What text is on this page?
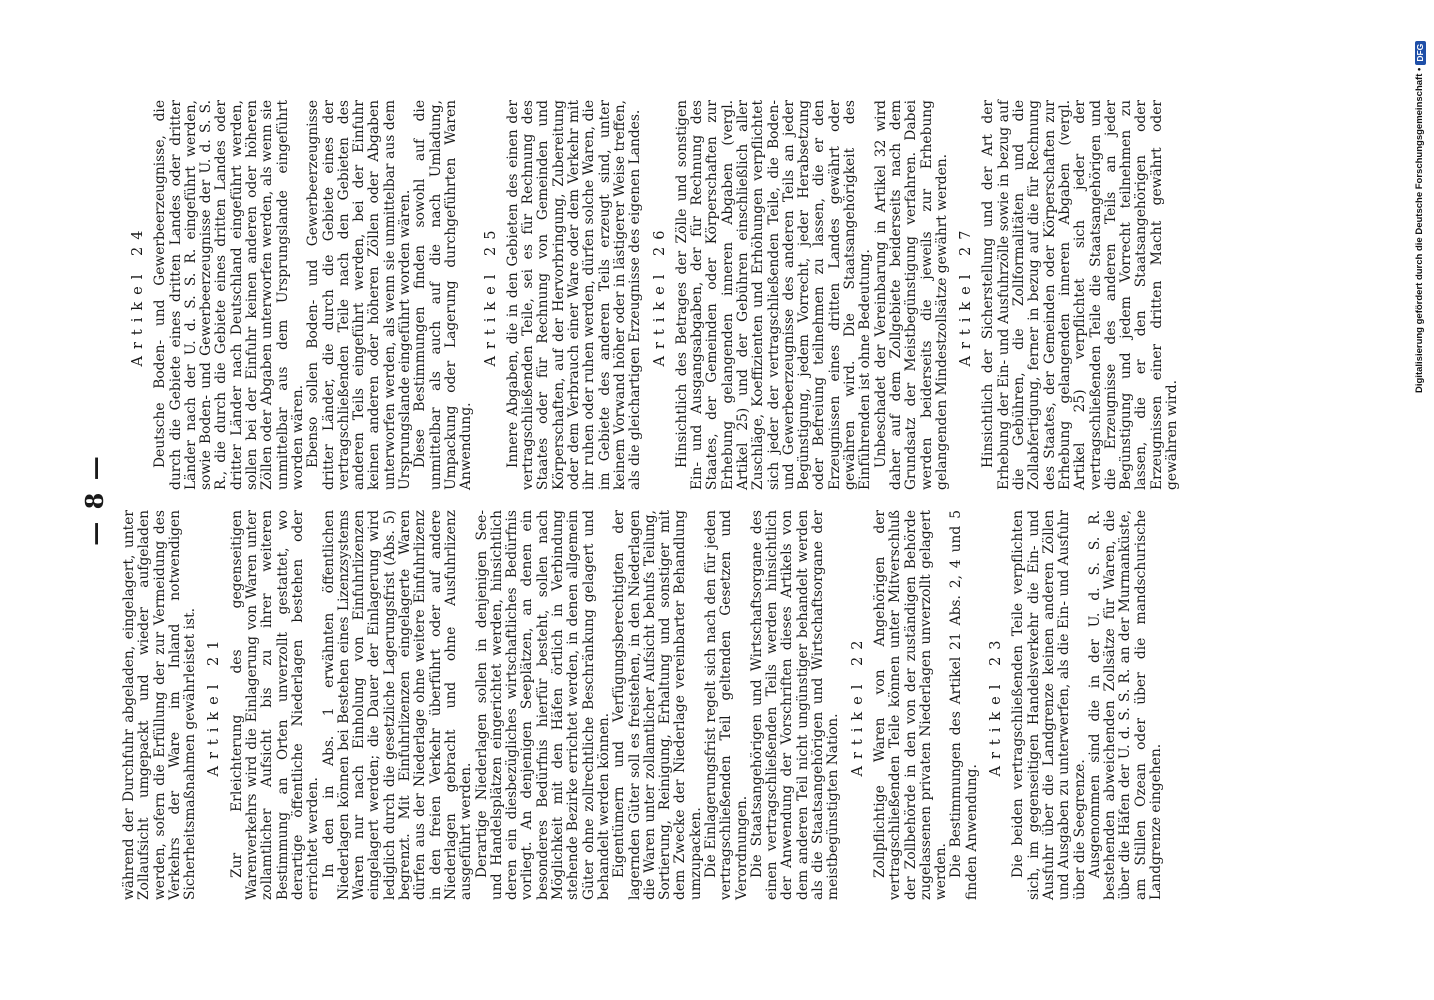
— 8 —

während der Durchfuhr abgeladen, eingelagert, unter Zollaufsicht umgepackt und wieder aufgeladen werden, sofern die Erfüllung der zur Vermeidung des Verkehrs der Ware im Inland notwendigen Sicherheitsmaßnahmen gewährleistet ist. Artikel 21 Zur Erleichterung des gegenseitigen Warenverkehrs wird die Einlagerung von Waren unter zollamtlicher Aufsicht bis zu ihrer weiteren Bestimmung an Orten unverzollt gestattet, wo derartige öffentliche Niederlagen bestehen oder errichtet werden. In den in Abs. 1 erwähnten öffentlichen Niederlagen können bei Bestehen eines Lizenzsystems Waren nur nach Einholung von Einfuhrlizenzen eingelagert werden; die Dauer der Einlagerung wird lediglich durch die gesetzliche Lagerungsfrist (Abs. 5) begrenzt. Mit Einfuhrlizenzen eingelagerte Waren dürfen aus der Niederlage ohne weitere Einfuhrlizenz in den freien Verkehr überführt oder auf andere Niederlagen gebracht und ohne Ausfuhrlizenz ausgeführt werden. Derartige Niederlagen sollen in denjenigen See- und Handelsplätzen eingerichtet werden, hinsichtlich deren ein diesbezügliches wirtschaftliches Bedürfnis vorliegt. An denjenigen Seeplätzen, an denen ein besonderes Bedürfnis hierfür besteht, sollen nach Möglichkeit mit den Häfen örtlich in Verbindung stehende Bezirke errichtet werden, in denen allgemein Güter ohne zollrechtliche Beschränkung gelagert und behandelt werden können. Eigentümern und Verfügungsberechtigten der lagernden Güter soll es freistehen, in den Niederlagen die Waren unter zollamtlicher Aufsicht behufs Teilung, Sortierung, Reinigung, Erhaltung und sonstiger mit dem Zwecke der Niederlage vereinbarter Behandlung umzupacken. Die Einlagerungsfrist regelt sich nach den für jeden vertragschließenden Teil geltenden Gesetzen und Verordnungen. Die Staatsangehörigen und Wirtschaftsorgane des einen vertragschließenden Teils werden hinsichtlich der Anwendung der Vorschriften dieses Artikels von dem anderen Teil nicht ungünstiger behandelt werden als die Staatsangehörigen und Wirtschaftsorgane der meistbegünstigten Nation.

Artikel 22 Zollpflichtige Waren von Angehörigen der vertragschließenden Teile können unter Mitverschluß der Zollbehörde in den von der zuständigen Behörde zugelassenen privaten Niederlagen unverzollt gelagert werden. Die Bestimmungen des Artikel 21 Abs. 2, 4 und 5 finden Anwendung.

Artikel 23 Die beiden vertragschließenden Teile verpflichten sich, im gegenseitigen Handelsverkehr die Ein- und Ausfuhr über die Landgrenze keinen anderen Zöllen und Ausgaben zu unterwerfen, als die Ein- und Ausfuhr über die Seegrenze. Ausgenommen sind die in der U. d. S. S. R. bestehenden abweichenden Zollsätze für Waren, die über die Häfen der U. d. S. S. R. an der Murmanküste, am Stillen Ozean oder über die mandschurische Landgrenze eingehen.

Artikel 24 Deutsche Boden- und Gewerbeerzeugnisse, die durch die Gebiete eines dritten Landes oder dritter Länder nach der U. d. S. S. R. eingeführt werden, sowie Boden- und Gewerbeerzeugnisse der U. d. S. S. R., die durch die Gebiete eines dritten Landes oder dritter Länder nach Deutschland eingeführt werden, sollen bei der Einfuhr keinen anderen oder höheren Zöllen oder Abgaben unterworfen werden, als wenn sie unmittelbar aus dem Ursprungslande eingeführt worden wären. Ebenso sollen Boden- und Gewerbeerzeugnisse dritter Länder, die durch die Gebiete eines der vertragschließenden Teile nach den Gebieten des anderen Teils eingeführt werden, bei der Einfuhr keinen anderen oder höheren Zöllen oder Abgaben unterworfen werden, als wenn sie unmittelbar aus dem Ursprungslande eingeführt worden wären. Diese Bestimmungen finden sowohl auf die unmittelbar als auch auf die nach Umladung, Umpackung oder Lagerung durchgeführten Waren Anwendung.

Artikel 25 Innere Abgaben, die in den Gebieten des einen der vertragschließenden Teile, sei es für Rechnung des Staates oder für Rechnung von Gemeinden und Körperschaften, auf der Hervorbringung, Zubereitung oder dem Verbrauch einer Ware oder dem Verkehr mit ihr ruhen oder ruhen werden, dürfen solche Waren, die im Gebiete des anderen Teils erzeugt sind, unter keinem Vorwand höher oder in lästigerer Weise treffen, als die gleichartigen Erzeugnisse des eigenen Landes. Artikel 26 Hinsichtlich des Betrages der Zölle und sonstigen Ein- und Ausgangsabgaben, der für Rechnung des Staates, der Gemeinden oder Körperschaften zur Erhebung gelangenden inneren Abgaben (vergl. Artikel 25) und der Gebühren einschließlich aller Zuschläge, Koeffizienten und Erhöhungen verpflichtet sich jeder der vertragschließenden Teile, die Boden- und Gewerbeerzeugnisse des anderen Teils an jeder Begünstigung, jedem Vorrecht, jeder Herabsetzung oder Befreiung teilnehmen zu lassen, die er den Erzeugnissen eines dritten Landes gewährt oder gewähren wird. Die Staatsangehörigkeit des Einführenden ist ohne Bedeutung. Unbeschadet der Vereinbarung in Artikel 32 wird daher auf dem Zollgebiete beiderseits nach dem Grundsatz der Meistbegünstigung verfahren. Dabei werden beiderseits die jeweils zur Erhebung gelangenden Mindestzollsätze gewährt werden. Artikel 27 Hinsichtlich der Sicherstellung und der Art der Erhebung der Ein- und Ausfuhrzölle sowie in bezug auf die Gebühren, die Zollformalitäten und die Zollabfertigung, ferner in bezug auf die für Rechnung des Staates, der Gemeinden oder Körperschaften zur Erhebung gelangenden inneren Abgaben (vergl. Artikel 25) verpflichtet sich jeder der vertragschließenden Teile die Staatsangehörigen und die Erzeugnisse des anderen Teils an jeder Begünstigung und jedem Vorrecht teilnehmen zu lassen, die er den Staatsangehörigen oder Erzeugnissen einer dritten Macht gewährt oder gewähren wird.

Digitalisierung gefördert durch die Deutsche Forschungsgemeinschaft •
DFG
